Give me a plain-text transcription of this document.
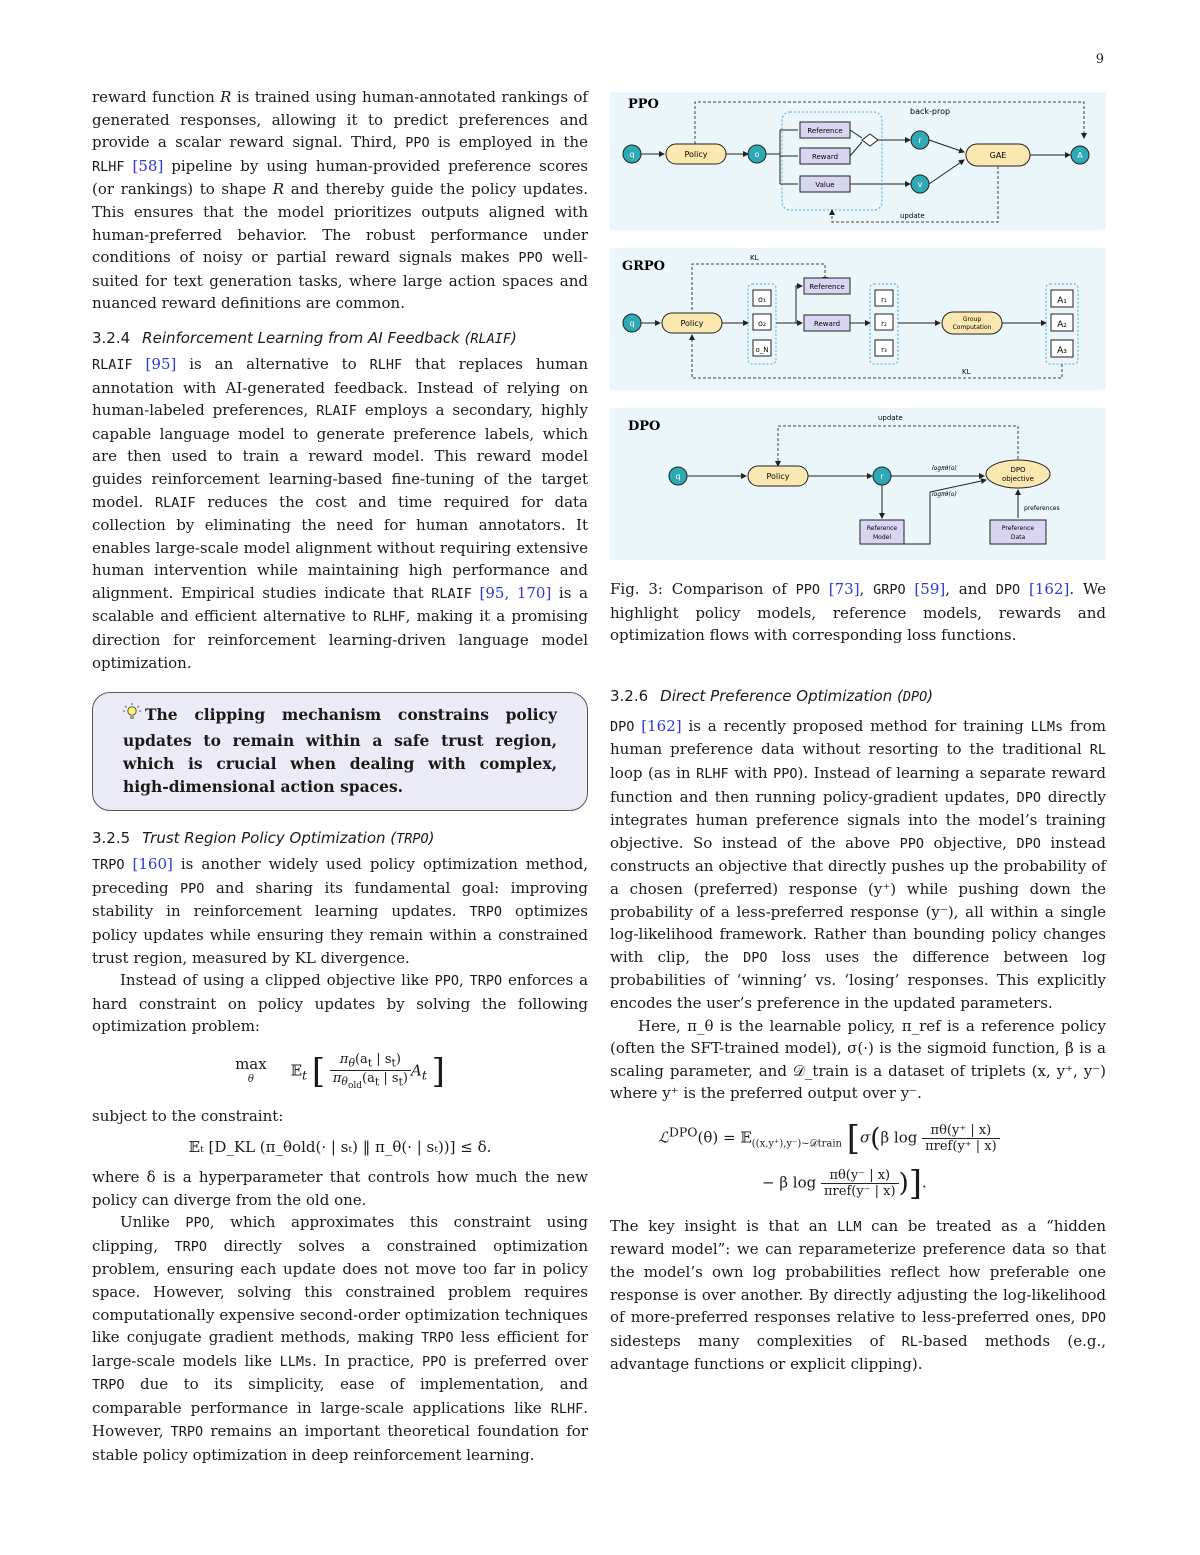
9

reward function R is trained using human-annotated rankings of generated responses, allowing it to predict preferences and provide a scalar reward signal. Third, PPO is employed in the RLHF [58] pipeline by using human-provided preference scores (or rankings) to shape R and thereby guide the policy updates. This ensures that the model prioritizes outputs aligned with human-preferred behavior. The robust performance under conditions of noisy or partial reward signals makes PPO well-suited for text generation tasks, where large action spaces and nuanced reward definitions are common.

3.2.4 Reinforcement Learning from AI Feedback (RLAIF)

RLAIF [95] is an alternative to RLHF that replaces human annotation with AI-generated feedback. Instead of relying on human-labeled preferences, RLAIF employs a secondary, highly capable language model to generate preference labels, which are then used to train a reward model. This reward model guides reinforcement learning-based fine-tuning of the target model. RLAIF reduces the cost and time required for data collection by eliminating the need for human annotators. It enables large-scale model alignment without requiring extensive human intervention while maintaining high performance and alignment. Empirical studies indicate that RLAIF [95, 170] is a scalable and efficient alternative to RLHF, making it a promising direction for reinforcement learning-driven language model optimization.

The clipping mechanism constrains policy updates to remain within a safe trust region, which is crucial when dealing with complex, high-dimensional action spaces.

3.2.5 Trust Region Policy Optimization (TRPO)

TRPO [160] is another widely used policy optimization method, preceding PPO and sharing its fundamental goal: improving stability in reinforcement learning updates. TRPO optimizes policy updates while ensuring they remain within a constrained trust region, measured by KL divergence.

Instead of using a clipped objective like PPO, TRPO enforces a hard constraint on policy updates by solving the following optimization problem:

max
θ	𝔼$_t$ [ $\frac{\pi_\theta(a_t | s_t)}{\pi_{\theta_{old}}(a_t | s_t)} A_t$ ]

subject to the constraint:

𝔼ₜ [D_KL (π_θold(· | sₜ) ‖ π_θ(· | sₜ))] ≤ δ.

where δ is a hyperparameter that controls how much the new policy can diverge from the old one.

Unlike PPO, which approximates this constraint using clipping, TRPO directly solves a constrained optimization problem, ensuring each update does not move too far in policy space. However, solving this constrained problem requires computationally expensive second-order optimization techniques like conjugate gradient methods, making TRPO less efficient for large-scale models like LLMs. In practice, PPO is preferred over TRPO due to its simplicity, ease of implementation, and comparable performance in large-scale applications like RLHF. However, TRPO remains an important theoretical foundation for stable policy optimization in deep reinforcement learning.

PPO	back-prop
q	Policy	o
Reference
Reward
Value
r
v
GAE	A
update
GRPO
KL
q	Policy
o₁
o₂
o_N
Reference
Reward
r₁
r₂
r₃
Group
Computation
A₁
A₂
A₃
KL
DPO
update
q	Policy	r
logπθ(o)	DPO
objective
logπθ(o)
Reference
Model
preferences
Preference
Data
Fig. 3: Comparison of PPO [73], GRPO [59], and DPO [162]. We highlight policy models, reference models, rewards and optimization flows with corresponding loss functions.
3.2.6 Direct Preference Optimization (DPO)

DPO [162] is a recently proposed method for training LLMs from human preference data without resorting to the traditional RL loop (as in RLHF with PPO). Instead of learning a separate reward function and then running policy-gradient updates, DPO directly integrates human preference signals into the model’s training objective. So instead of the above PPO objective, DPO instead constructs an objective that directly pushes up the probability of a chosen (preferred) response (y⁺) while pushing down the probability of a less-preferred response (y⁻), all within a single log-likelihood framework. Rather than bounding policy changes with clip, the DPO loss uses the difference between log probabilities of ‘winning’ vs. ‘losing’ responses. This explicitly encodes the user’s preference in the updated parameters.

Here, π_θ is the learnable policy, π_ref is a reference policy (often the SFT-trained model), σ(·) is the sigmoid function, β is a scaling parameter, and 𝒟_train is a dataset of triplets (x, y⁺, y⁻) where y⁺ is the preferred output over y⁻.

ℒ$^{DPO}$(θ) = 𝔼$_{((x,y^+),y^-)\sim 𝒟train}$ [σ(β $\log \frac{\pi\theta(y^+ | x)}{\text{πref(y⁺ | x)}}$
− β $\log \frac{\pi\theta(y^- | x)}{\text{πref(y⁻ | x)}}$ )].

The key insight is that an LLM can be treated as a “hidden reward model”: we can reparameterize preference data so that the model’s own log probabilities reflect how preferable one response is over another. By directly adjusting the log-likelihood of more-preferred responses relative to less-preferred ones, DPO sidesteps many complexities of RL-based methods (e.g., advantage functions or explicit clipping).
